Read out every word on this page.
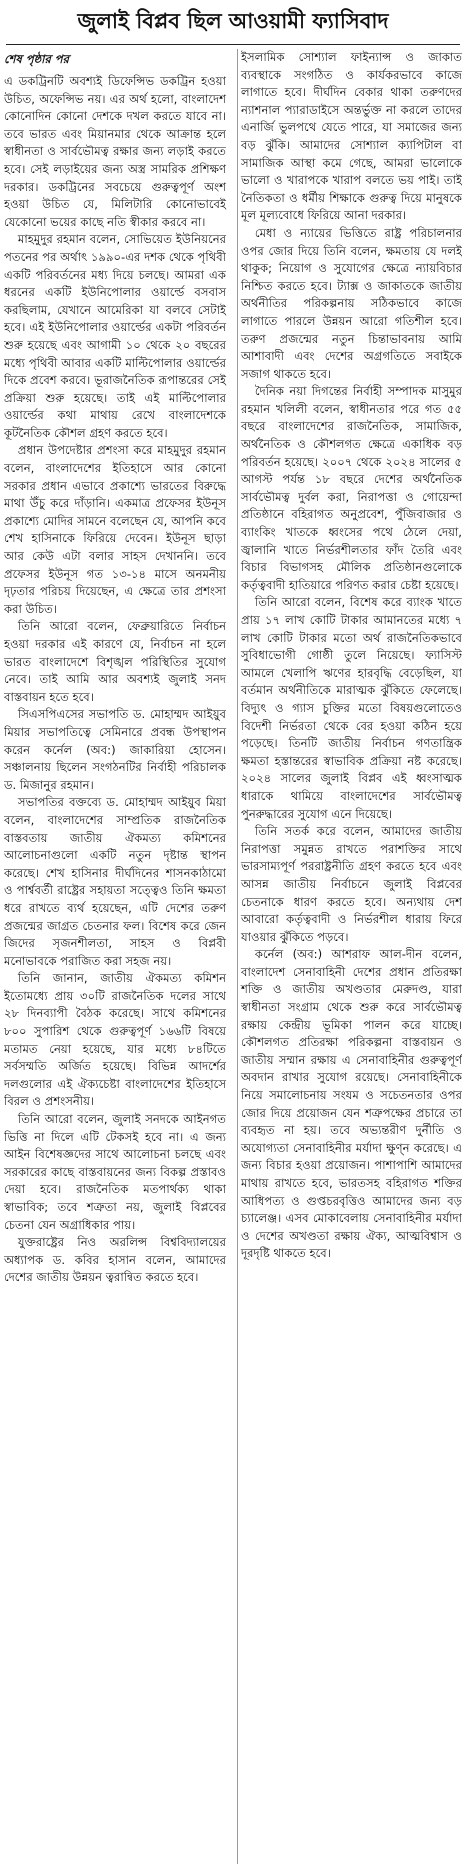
জুলাই বিপ্লব ছিল আওয়ামী ফ্যাসিবাদ
শেষ পৃষ্ঠার পর

এ ডকট্রিনটি অবশ্যই ডিফেন্সিভ ডকট্রিন হওয়া উচিত, অফেন্সিভ নয়। এর অর্থ হলো, বাংলাদেশ কোনোদিন কোনো দেশকে দখল করতে যাবে না। তবে ভারত এবং মিয়ানমার থেকে আক্রান্ত হলে স্বাধীনতা ও সার্বভৌমত্ব রক্ষার জন্য লড়াই করতে হবে। সেই লড়াইয়ের জন্য অস্ত্র সামরিক প্রশিক্ষণ দরকার। ডকট্রিনের সবচেয়ে গুরুত্বপূর্ণ অংশ হওয়া উচিত যে, মিলিটারি কোনোভাবেই যেকোনো ভয়ের কাছে নতি স্বীকার করবে না।

মাহমুদুর রহমান বলেন, সোভিয়েত ইউনিয়নের পতনের পর অর্থাৎ ১৯৯০-এর দশক থেকে পৃথিবী একটি পরিবর্তনের মধ্য দিয়ে চলছে। আমরা এক ধরনের একটি ইউনিপোলার ওয়ার্ল্ডে বসবাস করছিলাম, যেখানে আমেরিকা যা বলবে সেটাই হবে। এই ইউনিপোলার ওয়ার্ল্ডের একটা পরিবর্তন শুরু হয়েছে এবং আগামী ১০ থেকে ২০ বছরের মধ্যে পৃথিবী আবার একটি মাল্টিপোলার ওয়ার্ল্ডের দিকে প্রবেশ করবে। ভূরাজনৈতিক রূপান্তরের সেই প্রক্রিয়া শুরু হয়েছে। তাই এই মাল্টিপোলার ওয়ার্ল্ডের কথা মাথায় রেখে বাংলাদেশকে কূটনৈতিক কৌশল গ্রহণ করতে হবে।

প্রধান উপদেষ্টার প্রশংসা করে মাহমুদুর রহমান বলেন, বাংলাদেশের ইতিহাসে আর কোনো সরকার প্রধান এভাবে প্রকাশ্যে ভারতের বিরুদ্ধে মাথা উঁচু করে দাঁড়ানি। একমাত্র প্রফেসর ইউনূস প্রকাশ্যে মোদির সামনে বলেছেন যে, আপনি কবে শেখ হাসিনাকে ফিরিয়ে দেবেন। ইউনূস ছাড়া আর কেউ এটা বলার সাহস দেখাননি। তবে প্রফেসর ইউনূস গত ১৩-১৪ মাসে অনমনীয় দৃঢ়তার পরিচয় দিয়েছেন, এ ক্ষেত্রে তার প্রশংসা করা উচিত।

তিনি আরো বলেন, ফেব্রুয়ারিতে নির্বাচন হওয়া দরকার এই কারণে যে, নির্বাচন না হলে ভারত বাংলাদেশে বিশৃঙ্খল পরিস্থিতির সুযোগ নেবে। তাই আমি আর অবশ্যই জুলাই সনদ বাস্তবায়ন হতে হবে।

সিএসপিএসের সভাপতি ড. মোহাম্মদ আইয়ুব মিয়ার সভাপতিত্বে সেমিনারে প্রবন্ধ উপস্থাপন করেন কর্নেল (অব:) জাকারিয়া হোসেন। সঞ্চালনায় ছিলেন সংগঠনটির নির্বাহী পরিচালক ড. মিজানুর রহমান।

সভাপতির বক্তব্যে ড. মোহাম্মদ আইয়ুব মিয়া বলেন, বাংলাদেশের সাম্প্রতিক রাজনৈতিক বাস্তবতায় জাতীয় ঐকমত্য কমিশনের আলোচনাগুলো একটি নতুন দৃষ্টান্ত স্থাপন করেছে। শেখ হাসিনার দীর্ঘদিনের শাসনকাঠামো ও পার্শ্ববর্তী রাষ্ট্রের সহায়তা সত্ত্বেও তিনি ক্ষমতা ধরে রাখতে ব্যর্থ হয়েছেন, এটি দেশের তরুণ প্রজন্মের জাগ্রত চেতনার ফল। বিশেষ করে জেন জিদের সৃজনশীলতা, সাহস ও বিপ্লবী মনোভাবকে পরাজিত করা সহজ নয়।

তিনি জানান, জাতীয় ঐকমত্য কমিশন ইতোমধ্যে প্রায় ৩০টি রাজনৈতিক দলের সাথে ২৮ দিনব্যাপী বৈঠক করেছে। সাথে কমিশনের ৮০০ সুপারিশ থেকে গুরুত্বপূর্ণ ১৬৬টি বিষয়ে মতামত নেয়া হয়েছে, যার মধ্যে ৮৪টিতে সর্বসম্মতি অর্জিত হয়েছে। বিভিন্ন আদর্শের দলগুলোর এই ঐক্যচেষ্টা বাংলাদেশের ইতিহাসে বিরল ও প্রশংসনীয়।

তিনি আরো বলেন, জুলাই সনদকে আইনগত ভিত্তি না দিলে এটি টেকসই হবে না। এ জন্য আইন বিশেষজ্ঞদের সাথে আলোচনা চলছে এবং সরকারের কাছে বাস্তবায়নের জন্য বিকল্প প্রস্তাবও দেয়া হবে। রাজনৈতিক মতপার্থক্য থাকা স্বাভাবিক; তবে শত্রুতা নয়, জুলাই বিপ্লবের চেতনা যেন অগ্রাধিকার পায়।

যুক্তরাষ্ট্রের নিও অরলিন্স বিশ্ববিদ্যালয়ের অধ্যাপক ড. কবির হাসান বলেন, আমাদের দেশের জাতীয় উন্নয়ন ত্বরান্বিত করতে হবে।

ইসলামিক সোশ্যাল ফাইন্যান্স ও জাকাত ব্যবস্থাকে সংগঠিত ও কার্যকরভাবে কাজে লাগাতে হবে। দীর্ঘদিন বেকার থাকা তরুণদের ন্যাশনাল প্যারাডাইসে অন্তর্ভুক্ত না করলে তাদের এনার্জি ভুলপথে যেতে পারে, যা সমাজের জন্য বড় ঝুঁকি। আমাদের সোশ্যাল ক্যাপিটাল বা সামাজিক আস্থা কমে গেছে, আমরা ভালোকে ভালো ও খারাপকে খারাপ বলতে ভয় পাই। তাই নৈতিকতা ও ধর্মীয় শিক্ষাকে গুরুত্ব দিয়ে মানুষকে মূল মূল্যবোধে ফিরিয়ে আনা দরকার।

মেধা ও ন্যায়ের ভিত্তিতে রাষ্ট্র পরিচালনার ওপর জোর দিয়ে তিনি বলেন, ক্ষমতায় যে দলই থাকুক; নিয়োগ ও সুযোগের ক্ষেত্রে ন্যায়বিচার নিশ্চিত করতে হবে। ট্যাক্স ও জাকাতকে জাতীয় অর্থনীতির পরিকল্পনায় সঠিকভাবে কাজে লাগাতে পারলে উন্নয়ন আরো গতিশীল হবে। তরুণ প্রজন্মের নতুন চিন্তাভাবনায় আমি আশাবাদী এবং দেশের অগ্রগতিতে সবাইকে সজাগ থাকতে হবে।

দৈনিক নয়া দিগন্তের নির্বাহী সম্পাদক মাসুমুর রহমান খলিলী বলেন, স্বাধীনতার পরে গত ৫৫ বছরে বাংলাদেশের রাজনৈতিক, সামাজিক, অর্থনৈতিক ও কৌশলগত ক্ষেত্রে একাধিক বড় পরিবর্তন হয়েছে। ২০০৭ থেকে ২০২৪ সালের ৫ আগস্ট পর্যন্ত ১৮ বছরে দেশের অর্থনৈতিক সার্বভৌমত্ব দুর্বল করা, নিরাপত্তা ও গোয়েন্দা প্রতিষ্ঠানে বহিরাগত অনুপ্রবেশ, পুঁজিবাজার ও ব্যাংকিং খাতকে ধ্বংসের পথে ঠেলে দেয়া, জ্বালানি খাতে নির্ভরশীলতার ফাঁদ তৈরি এবং বিচার বিভাগসহ মৌলিক প্রতিষ্ঠানগুলোকে কর্তৃত্ববাদী হাতিয়ারে পরিণত করার চেষ্টা হয়েছে।

তিনি আরো বলেন, বিশেষ করে ব্যাংক খাতে প্রায় ১৭ লাখ কোটি টাকার আমানতের মধ্যে ৭ লাখ কোটি টাকার মতো অর্থ রাজনৈতিকভাবে সুবিধাভোগী গোষ্ঠী তুলে নিয়েছে। ফ্যাসিস্ট আমলে খেলাপি ঋণের হারবৃদ্ধি বেড়েছিল, যা বর্তমান অর্থনীতিকে মারাত্মক ঝুঁকিতে ফেলেছে। বিদ্যুৎ ও গ্যাস চুক্তির মতো বিষয়গুলোতেও বিদেশী নির্ভরতা থেকে বের হওয়া কঠিন হয়ে পড়েছে। তিনটি জাতীয় নির্বাচন গণতান্ত্রিক ক্ষমতা হস্তান্তরের স্বাভাবিক প্রক্রিয়া নষ্ট করেছে। ২০২৪ সালের জুলাই বিপ্লব এই ধ্বংসাত্মক ধারাকে থামিয়ে বাংলাদেশের সার্বভৌমত্ব পুনরুদ্ধারের সুযোগ এনে দিয়েছে।

তিনি সতর্ক করে বলেন, আমাদের জাতীয় নিরাপত্তা সমুন্নত রাখতে পরাশক্তির সাথে ভারসাম্যপূর্ণ পররাষ্ট্রনীতি গ্রহণ করতে হবে এবং আসন্ন জাতীয় নির্বাচনে জুলাই বিপ্লবের চেতনাকে ধারণ করতে হবে। অন্যথায় দেশ আবারো কর্তৃত্ববাদী ও নির্ভরশীল ধারায় ফিরে যাওয়ার ঝুঁকিতে পড়বে।

কর্নেল (অব:) আশরাফ আল-দীন বলেন, বাংলাদেশ সেনাবাহিনী দেশের প্রধান প্রতিরক্ষা শক্তি ও জাতীয় অখণ্ডতার মেরুদণ্ড, যারা স্বাধীনতা সংগ্রাম থেকে শুরু করে সার্বভৌমত্ব রক্ষায় কেন্দ্রীয় ভূমিকা পালন করে যাচ্ছে। কৌশলগত প্রতিরক্ষা পরিকল্পনা বাস্তবায়ন ও জাতীয় সম্মান রক্ষায় এ সেনাবাহিনীর গুরুত্বপূর্ণ অবদান রাখার সুযোগ রয়েছে। সেনাবাহিনীকে নিয়ে সমালোচনায় সংযম ও সচেতনতার ওপর জোর দিয়ে প্রয়োজন যেন শত্রুপক্ষের প্রচারে তা ব্যবহৃত না হয়। তবে অভ্যন্তরীণ দুর্নীতি ও অযোগ্যতা সেনাবাহিনীর মর্যাদা ক্ষুণ্ন করেছে। এ জন্য বিচার হওয়া প্রয়োজন। পাশাপাশি আমাদের মাথায় রাখতে হবে, ভারতসহ বহিরাগত শক্তির আধিপত্য ও গুপ্তচরবৃত্তিও আমাদের জন্য বড় চ্যালেঞ্জ। এসব মোকাবেলায় সেনাবাহিনীর মর্যাদা ও দেশের অখণ্ডতা রক্ষায় ঐক্য, আত্মবিশ্বাস ও দূরদৃষ্টি থাকতে হবে।
